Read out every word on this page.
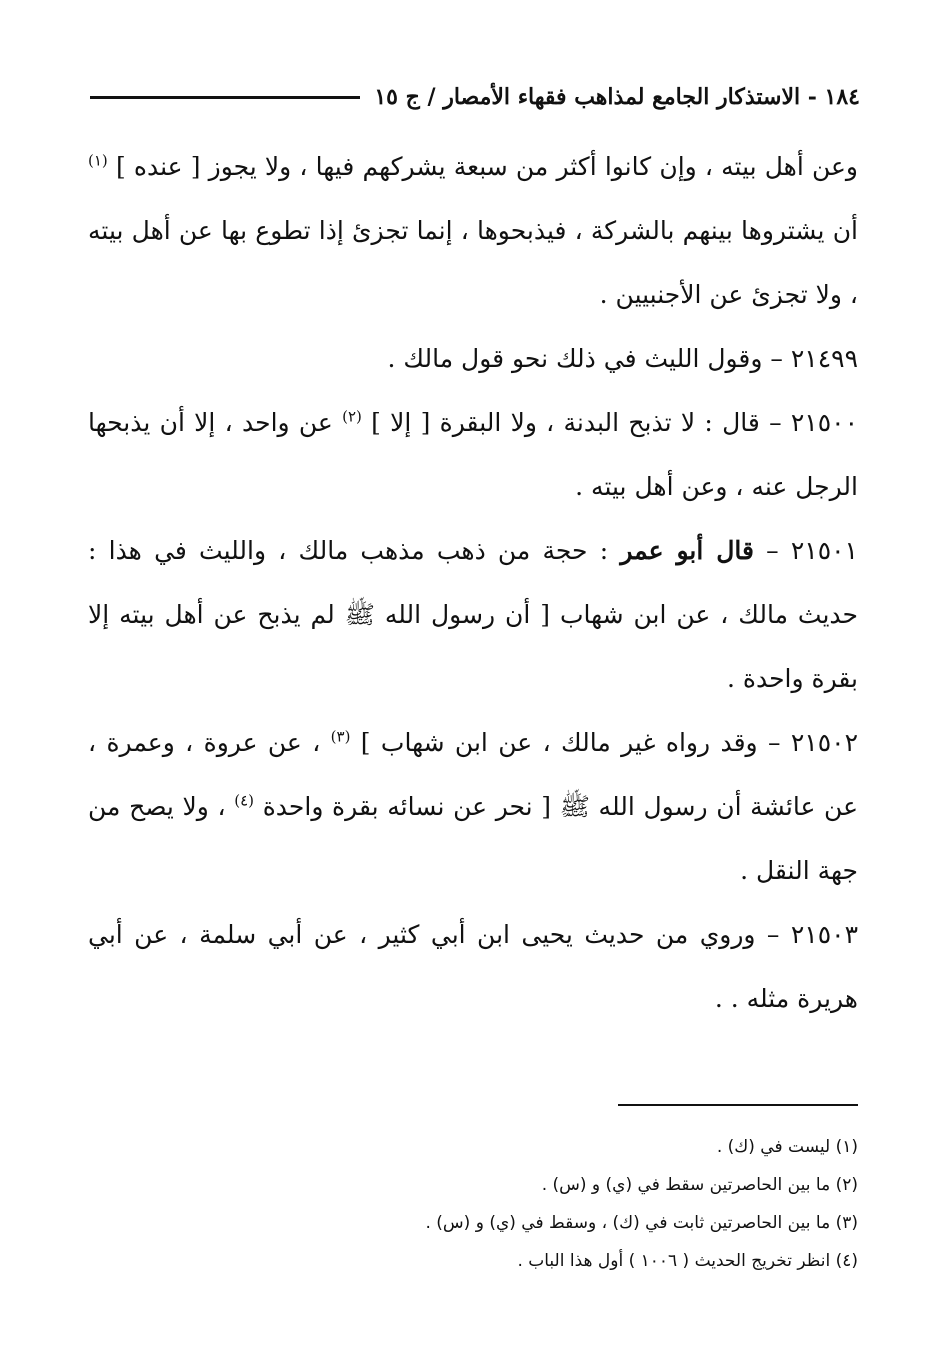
١٨٤ - الاستذكار الجامع لمذاهب فقهاء الأمصار / ج ١٥

وعن أهل بيته ، وإن كانوا أكثر من سبعة يشركهم فيها ، ولا يجوز [ عنده ] $^{(١)}$ أن يشتروها بينهم بالشركة ، فيذبحوها ، إنما تجزئ إذا تطوع بها عن أهل بيته ، ولا تجزئ عن الأجنبيين .

٢١٤٩٩ – وقول الليث في ذلك نحو قول مالك .

٢١٥٠٠ – قال : لا تذبح البدنة ، ولا البقرة [ إلا ] $^{(٢)}$ عن واحد ، إلا أن يذبحها الرجل عنه ، وعن أهل بيته .

٢١٥٠١ – قال أبو عمر : حجة من ذهب مذهب مالك ، والليث في هذا : حديث مالك ، عن ابن شهاب [ أن رسول الله ﷺ لم يذبح عن أهل بيته إلا بقرة واحدة .

٢١٥٠٢ – وقد رواه غير مالك ، عن ابن شهاب ] $^{(٣)}$ ، عن عروة ، وعمرة ، عن عائشة أن رسول الله ﷺ [ نحر عن نسائه بقرة واحدة $^{(٤)}$ ، ولا يصح من جهة النقل .

٢١٥٠٣ – وروي من حديث يحيى ابن أبي كثير ، عن أبي سلمة ، عن أبي هريرة مثله . .

(١) ليست في (ك) .

(٢) ما بين الحاصرتين سقط في (ي) و (س) .

(٣) ما بين الحاصرتين ثابت في (ك) ، وسقط في (ي) و (س) .

(٤) انظر تخريج الحديث ( ١٠٠٦ ) أول هذا الباب .
